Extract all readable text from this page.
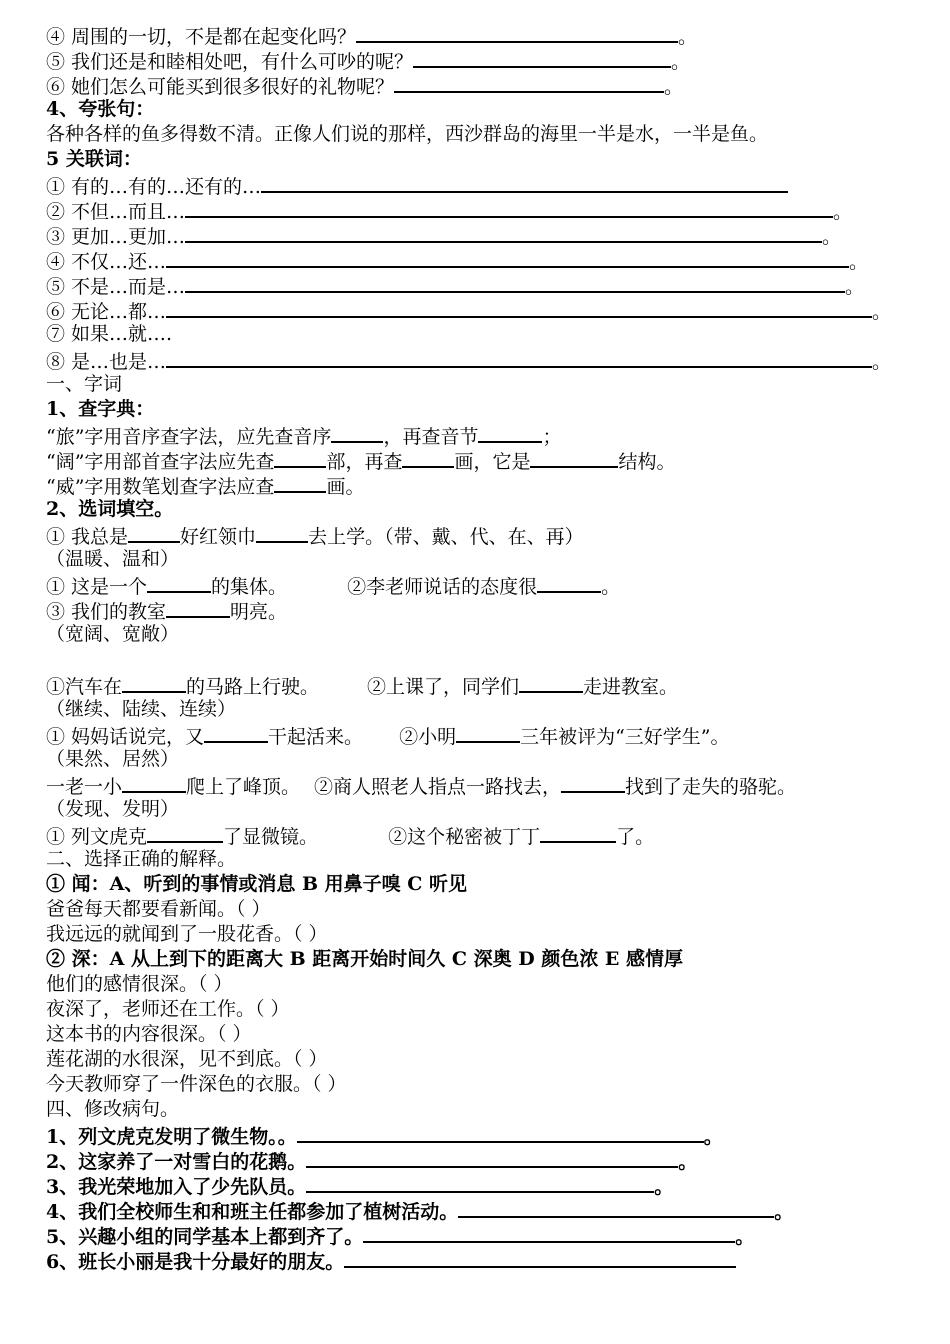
④ 周围的一切，不是都在起变化吗？	。
⑤ 我们还是和睦相处吧，有什么可吵的呢？	。
⑥ 她们怎么可能买到很多很好的礼物呢？	。
4、夸张句：
各种各样的鱼多得数不清。正像人们说的那样，西沙群岛的海里一半是水，一半是鱼。
5 关联词：
① 有的…有的…还有的…
② 不但…而且…	。
③ 更加…更加…	。
④ 不仅…还…	。
⑤ 不是…而是…	。
⑥ 无论…都…	。
⑦ 如果…就….
⑧ 是…也是…	。
一、字词
1、查字典：
“旅”字用音序查字法，应先查音序	，再查音节	；
“阔”字用部首查字法应先查	部，再查	画，它是	结构。
“威”字用数笔划查字法应查	画。
2、选词填空。
① 我总是	好红领巾	去上学。（带、戴、代、在、再）
（温暖、温和）
① 这是一个	的集体。	②李老师说话的态度很	。
③ 我们的教室	明亮。
（宽阔、宽敞）
①汽车在	的马路上行驶。	②上课了，同学们	走进教室。
（继续、陆续、连续）
① 妈妈话说完，又	干起活来。 ②小明	三年被评为“三好学生”。
（果然、居然）
一老一小	爬上了峰顶。 ②商人照老人指点一路找去，	找到了走失的骆驼。
（发现、发明）
① 列文虎克	了显微镜。	②这个秘密被丁丁	了。
二、选择正确的解释。
① 闻：A、听到的事情或消息 B 用鼻子嗅 C 听见
爸爸每天都要看新闻。（ ）
我远远的就闻到了一股花香。（ ）
② 深：A 从上到下的距离大 B 距离开始时间久 C 深奥 D 颜色浓 E 感情厚
他们的感情很深。（ ）
夜深了，老师还在工作。（ ）
这本书的内容很深。（ ）
莲花湖的水很深，见不到底。（ ）
今天教师穿了一件深色的衣服。（ ）
四、修改病句。
1、列文虎克发明了微生物。。	。
2、这家养了一对雪白的花鹅。	。
3、我光荣地加入了少先队员。	。
4、我们全校师生和和班主任都参加了植树活动。	。
5、兴趣小组的同学基本上都到齐了。	。
6、班长小丽是我十分最好的朋友。
